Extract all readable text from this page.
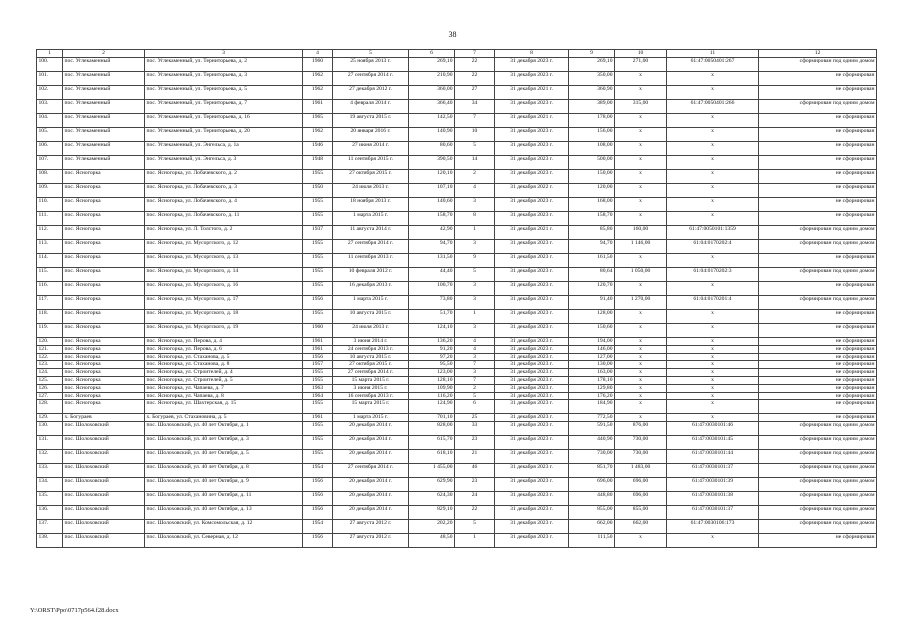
38
1	2	3	4	5	6	7	8	9	10	11	12
100.	пос. Углекаменный	пос. Углекаменный, ул. Терниторьева, д. 2	1960	25 ноября 2013 г.	269,10	22	31 декабря 2023 г.	269,10	271,00	61:47:0050401:267	сформирован под одним домом
101.	пос. Углекаменный	пос. Углекаменный, ул. Терниторьева, д. 3	1962	27 сентября 2014 г.	210,90	22	31 декабря 2023 г.	350,00	x	x	не сформирован
102.	пос. Углекаменный	пос. Углекаменный, ул. Терниторьева, д. 5	1962	27 декабря 2012 г.	360,00	27	31 декабря 2021 г.	360,90	x	x	не сформирован
103.	пос. Углекаменный	пос. Углекаменный, ул. Терниторьева, д. 7	1961	4 февраля 2014 г.	366,40	34	31 декабря 2023 г.	389,00	315,00	61:47:0050401:266	сформирован под одним домом
104.	пос. Углекаменный	пос. Углекаменный, ул. Терниторьева, д. 16	1965	19 августа 2015 г.	142,50	7	31 декабря 2021 г.	178,00	x	x	не сформирован
105.	пос. Углекаменный	пос. Углекаменный, ул. Терниторьева, д. 20	1962	20 января 2016 г.	140,90	10	31 декабря 2023 г.	156,00	x	x	не сформирован
106.	пос. Углекаменный	пос. Углекаменный, ул. Энгельса, д. 1а	1946	27 июня 2014 г.	80,60	5	31 декабря 2023 г.	108,00	x	x	не сформирован
107.	пос. Углекаменный	пос. Углекаменный, ул. Энгельса, д. 3	1948	11 сентября 2015 г.	390,50	14	31 декабря 2023 г.	500,00	x	x	не сформирован
108.	пос. Ясногорка	пос. Ясногорка, ул. Лобачевского, д. 2	1955	27 октября 2015 г.	120,10	2	31 декабря 2023 г.	150,00	x	x	не сформирован
109.	пос. Ясногорка	пос. Ясногорка, ул. Лобачевского, д. 3	1950	24 июля 2013 г.	107,10	4	31 декабря 2022 г.	120,00	x	x	не сформирован
110.	пос. Ясногорка	пос. Ясногорка, ул. Лобачевского, д. 4	1955	18 ноября 2013 г.	140,60	3	31 декабря 2023 г.	168,00	x	x	не сформирован
111.	пос. Ясногорка	пос. Ясногорка, ул. Лобачевского, д. 11	1955	1 марта 2015 г.	158,70	8	31 декабря 2023 г.	158,70	x	x	не сформирован
112.	пос. Ясногорка	пос. Ясногорка, ул. Л. Толстого, д. 2	1937	11 августа 2014 г.	42,90	1	31 декабря 2021 г.	85,80	160,00	61:47:0050101:1359	сформирован под одним домом
113.	пос. Ясногорка	пос. Ясногорка, ул. Мусоргского, д. 12	1955	27 сентября 2014 г.	94,70	3	31 декабря 2023 г.	94,70	1 146,00	61:04:0170202:4	сформирован под одним домом
114.	пос. Ясногорка	пос. Ясногорка, ул. Мусоргского, д. 13	1955	11 сентября 2013 г.	131,50	9	31 декабря 2023 г.	161,50	x	x	не сформирован
115.	пос. Ясногорка	пос. Ясногорка, ул. Мусоргского, д. 14	1955	10 февраля 2012 г.	44,40	5	31 декабря 2023 г.	80,64	1 050,00	61:04:0170202:3	сформирован под одним домом
116.	пос. Ясногорка	пос. Ясногорка, ул. Мусоргского, д. 16	1955	16 декабря 2013 г.	100,70	3	31 декабря 2023 г.	120,70	x	x	не сформирован
117.	пос. Ясногорка	пос. Ясногорка, ул. Мусоргского, д. 17	1956	1 марта 2015 г.	73,80	3	31 декабря 2023 г.	91,40	1 270,00	61:04:0170201:4	сформирован под одним домом
118.	пос. Ясногорка	пос. Ясногорка, ул. Мусоргского, д. 18	1955	10 августа 2015 г.	51,70	1	31 декабря 2023 г.	128,00	x	x	не сформирован
119.	пос. Ясногорка	пос. Ясногорка, ул. Мусоргского, д. 19	1960	24 июля 2013 г.	124,10	3	31 декабря 2023 г.	150,60	x	x	не сформирован
120.	пос. Ясногорка	пос. Ясногорка, ул. Перова, д. 4	1961	3 июня 2014 г.	136,20	4	31 декабря 2023 г.	194,00	x	x	не сформирован
121.	пос. Ясногорка	пос. Ясногорка, ул. Перова, д. 6	1961	24 сентября 2013 г.	91,20	4	31 декабря 2023 г.	146,00	x	x	не сформирован
122.	пос. Ясногорка	пос. Ясногорка, ул. Стаханова, д. 5	1956	10 августа 2015 г.	97,20	3	31 декабря 2023 г.	127,00	x	x	не сформирован
123.	пос. Ясногорка	пос. Ясногорка, ул. Стаханова, д. 8	1957	27 октября 2015 г.	95,50	7	31 декабря 2023 г.	130,00	x	x	не сформирован
124.	пос. Ясногорка	пос. Ясногорка, ул. Строителей, д. 4	1955	27 сентября 2014 г.	123,00	3	31 декабря 2023 г.	163,00	x	x	не сформирован
125.	пос. Ясногорка	пос. Ясногорка, ул. Строителей, д. 5	1955	15 марта 2015 г.	128,10	7	31 декабря 2023 г.	178,10	x	x	не сформирован
126.	пос. Ясногорка	пос. Ясногорка, ул. Чапаева, д. 7	1963	3 июня 2015 г.	109,90	2	31 декабря 2023 г.	129,80	x	x	не сформирован
127.	пос. Ясногорка	пос. Ясногорка, ул. Чапаева, д. 8	1964	16 сентября 2013 г.	116,20	5	31 декабря 2023 г.	176,20	x	x	не сформирован
128.	пос. Ясногорка	пос. Ясногорка, ул. Шахтерская, д. 15	1955	15 марта 2015 г.	124,90	6	31 декабря 2023 г.	184,90	x	x	не сформирован
129.	х. Богураев	х. Богураев, ул. Стахановина, д. 5	1961	1 марта 2015 г.	701,10	25	31 декабря 2023 г.	772,50	x	x	не сформирован
130.	пос. Шолоховский	пос. Шолоховский, ул. 40 лет Октября, д. 1	1955	20 декабря 2014 г.	828,00	33	31 декабря 2023 г.	591,50	876,00	61:47:0030101:46	сформирован под одним домом
131.	пос. Шолоховский	пос. Шолоховский, ул. 40 лет Октября, д. 3	1955	20 декабря 2014 г.	615,70	23	31 декабря 2023 г.	440,90	730,00	61:47:0030101:45	сформирован под одним домом
132.	пос. Шолоховский	пос. Шолоховский, ул. 40 лет Октября, д. 5	1955	20 декабря 2014 г.	618,10	21	31 декабря 2023 г.	730,00	730,00	61:47:0030101:44	сформирован под одним домом
133.	пос. Шолоховский	пос. Шолоховский, ул. 40 лет Октября, д. 8	1954	27 сентября 2014 г.	1 455,00	46	31 декабря 2023 г.	851,70	1 483,00	61:47:0030101:37	сформирован под одним домом
134.	пос. Шолоховский	пос. Шолоховский, ул. 40 лет Октября, д. 9	1956	20 декабря 2014 г.	629,90	23	31 декабря 2023 г.	696,00	696,00	61:47:0030101:39	сформирован под одним домом
135.	пос. Шолоховский	пос. Шолоховский, ул. 40 лет Октября, д. 11	1956	20 декабря 2014 г.	624,30	24	31 декабря 2023 г.	448,80	696,00	61:47:0030101:38	сформирован под одним домом
136.	пос. Шолоховский	пос. Шолоховский, ул. 40 лет Октября, д. 13	1956	20 декабря 2014 г.	829,10	22	31 декабря 2023 г.	855,00	855,00	61:47:0030101:37	сформирован под одним домом
137.	пос. Шолоховский	пос. Шолоховский, ул. Комсомольская, д. 12	1954	27 августа 2012 г.	202,20	5	31 декабря 2023 г.	662,00	662,00	61:47:0030106:173	сформирован под одним домом
138.	пос. Шолоховский	пос. Шолоховский, ул. Северная, д. 12	1956	27 августа 2012 г.	48,50	1	31 декабря 2023 г.	111,50	x	x	не сформирован
Y:\ORST\Ppo\0717p564.f28.docx
